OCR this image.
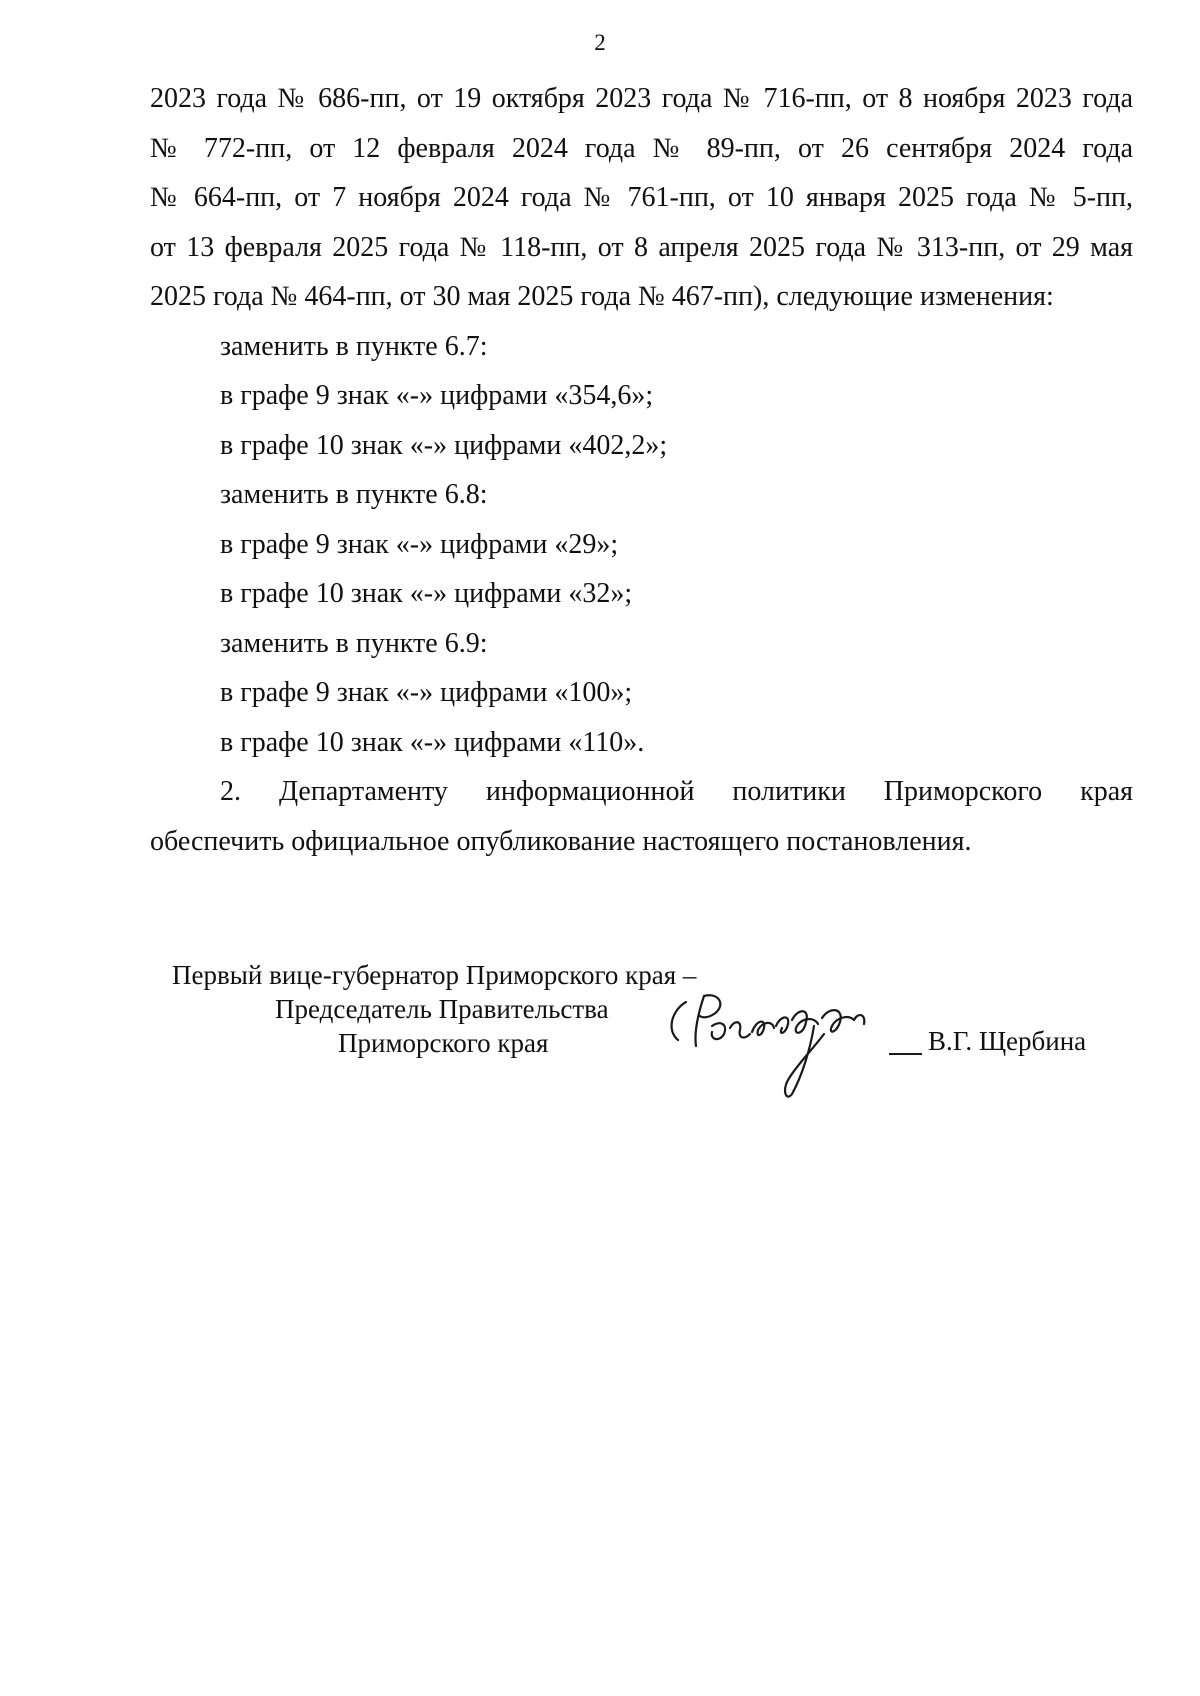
2
2023 года № 686-пп, от 19 октября 2023 года № 716-пп, от 8 ноября 2023 года
№ 772-пп, от 12 февраля 2024 года № 89-пп, от 26 сентября 2024 года
№ 664-пп, от 7 ноября 2024 года № 761-пп, от 10 января 2025 года № 5-пп,
от 13 февраля 2025 года № 118-пп, от 8 апреля 2025 года № 313-пп, от 29 мая
2025 года № 464-пп, от 30 мая 2025 года № 467-пп), следующие изменения:
заменить в пункте 6.7:
в графе 9 знак «-» цифрами «354,6»;
в графе 10 знак «-» цифрами «402,2»;
заменить в пункте 6.8:
в графе 9 знак «-» цифрами «29»;
в графе 10 знак «-» цифрами «32»;
заменить в пункте 6.9:
в графе 9 знак «-» цифрами «100»;
в графе 10 знак «-» цифрами «110».
2. Департаменту информационной политики Приморского края
обеспечить официальное опубликование настоящего постановления.
Первый вице-губернатор Приморского края –
Председатель Правительства
Приморского края	В.Г. Щербина
